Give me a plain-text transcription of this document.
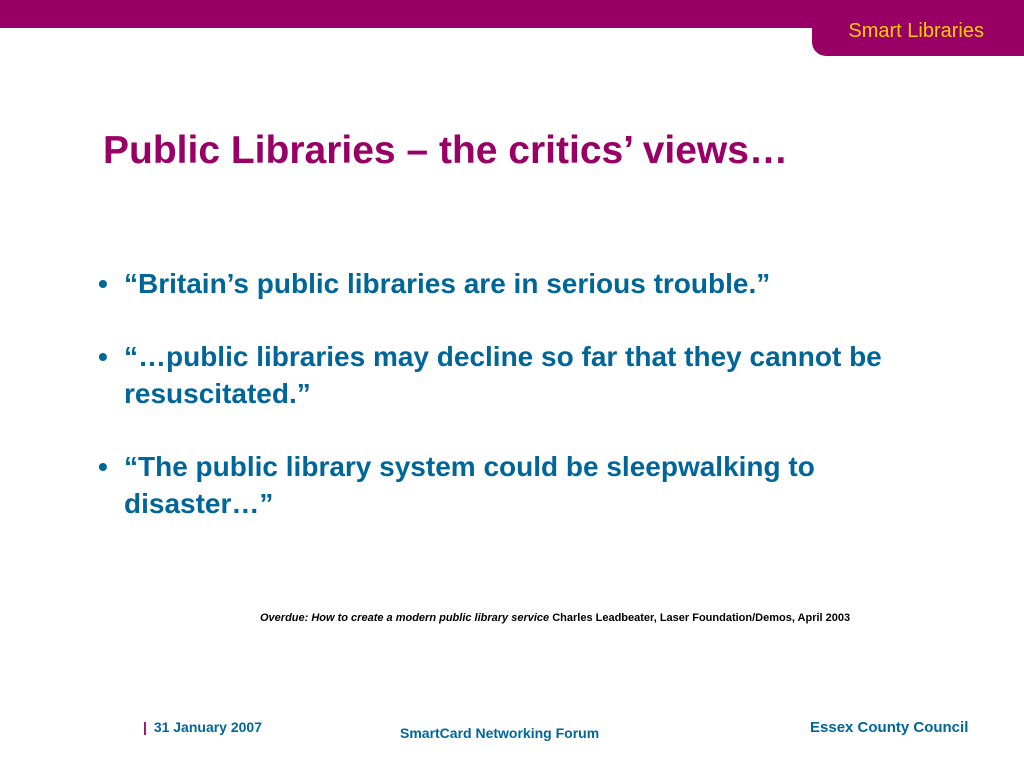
Smart Libraries
Public Libraries – the critics’ views…
• “Britain’s public libraries are in serious trouble.”
• “…public libraries may decline so far that they cannot be resuscitated.”
• “The public library system could be sleepwalking to disaster…”
Overdue: How to create a modern public library service Charles Leadbeater, Laser Foundation/Demos, April 2003
| 31 January 2007	SmartCard Networking Forum	Essex County Council
